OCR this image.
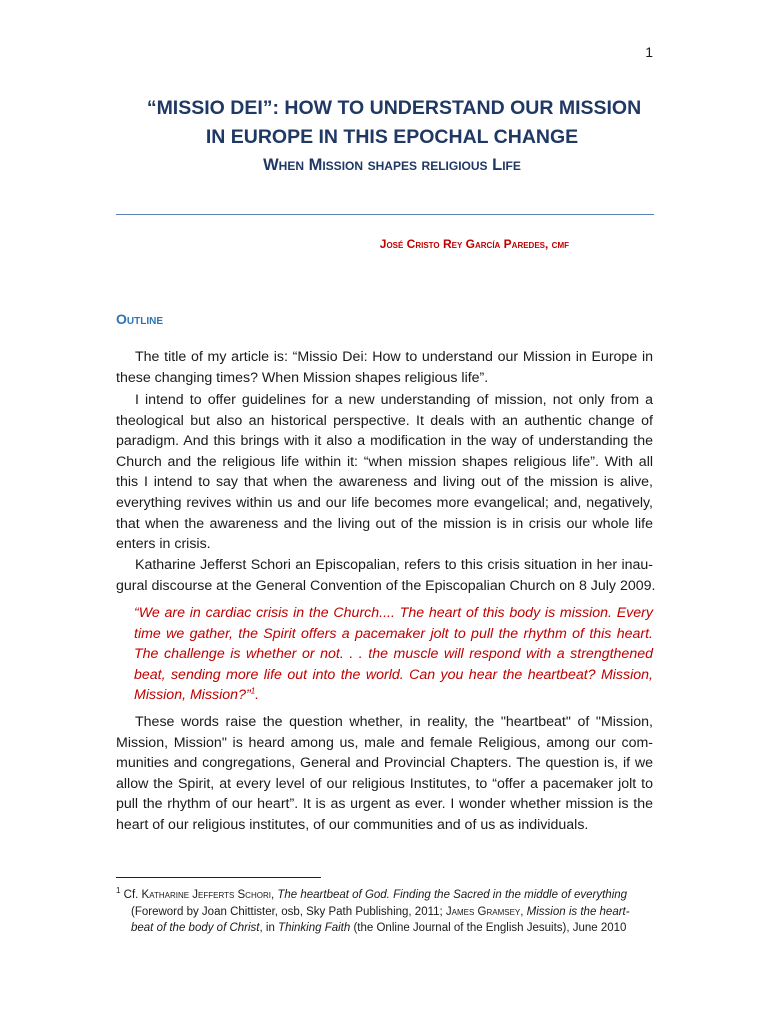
1
“MISSIO DEI”: HOW TO UNDERSTAND OUR MISSION
IN EUROPE IN THIS EPOCHAL CHANGE
When Mission shapes religious Life
José Cristo Rey García Paredes, cmf
Outline
The title of my article is: “Missio Dei: How to understand our Mission in Europe in
these changing times? When Mission shapes religious life”.
I intend to offer guidelines for a new understanding of mission, not only from a
theological but also an historical perspective. It deals with an authentic change of
paradigm. And this brings with it also a modification in the way of understanding the
Church and the religious life within it: “when mission shapes religious life”. With all
this I intend to say that when the awareness and living out of the mission is alive,
everything revives within us and our life becomes more evangelical; and, negatively,
that when the awareness and the living out of the mission is in crisis our whole life
enters in crisis.
Katharine Jefferst Schori an Episcopalian, refers to this crisis situation in her inau-
gural discourse at the General Convention of the Episcopalian Church on 8 July 2009.
“We are in cardiac crisis in the Church.... The heart of this body is mission. Every
time we gather, the Spirit offers a pacemaker jolt to pull the rhythm of this heart.
The challenge is whether or not. . . the muscle will respond with a strengthened
beat, sending more life out into the world. Can you hear the heartbeat? Mission,
Mission, Mission?”$^1$.
These words raise the question whether, in reality, the "heartbeat" of "Mission,
Mission, Mission" is heard among us, male and female Religious, among our com-
munities and congregations, General and Provincial Chapters. The question is, if we
allow the Spirit, at every level of our religious Institutes, to “offer a pacemaker jolt to
pull the rhythm of our heart”. It is as urgent as ever. I wonder whether mission is the
heart of our religious institutes, of our communities and of us as individuals.
$^1$ Cf. Katharine Jefferts Schori, The heartbeat of God. Finding the Sacred in the middle of everything
(Foreword by Joan Chittister, osb, Sky Path Publishing, 2011; James Gramsey, Mission is the heart-
beat of the body of Christ, in Thinking Faith (the Online Journal of the English Jesuits), June 2010
